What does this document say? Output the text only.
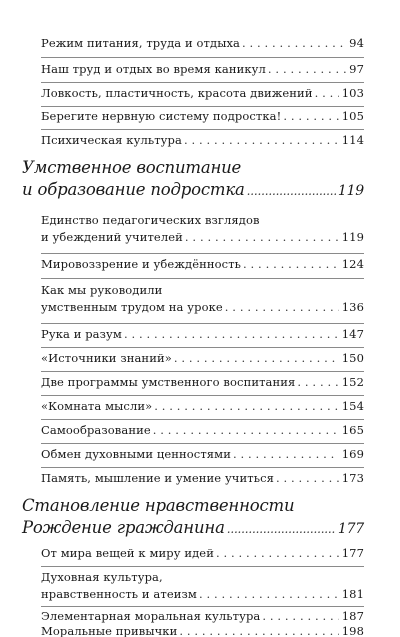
Режим питания, труда и отдыха . . .	94
Наш труд и отдых во время каникул . . .	97
Ловкость, пластичность, красота движений . . .	103
Берегите нервную систему подростка! . . .	105
Психическая культура . . .	114
Умственное воспитание
и образование подростка .....	119
Единство педагогических взглядов
и убеждений учителей . . .	119
Мировоззрение и убеждённость . . .	124
Как мы руководили
умственным трудом на уроке . . .	136
Рука и разум . . .	147
«Источники знаний» . . .	150
Две программы умственного воспитания . . .	152
«Комната мысли» . . .	154
Самообразование . . .	165
Обмен духовными ценностями . . .	169
Память, мышление и умение учиться . . .	173
Становление нравственности
Рождение гражданина .....	177
От мира вещей к миру идей . . .	177
Духовная культура,
нравственность и атеизм . . .	181
Элементарная моральная культура . . .	187
Моральные привычки . . .	198
